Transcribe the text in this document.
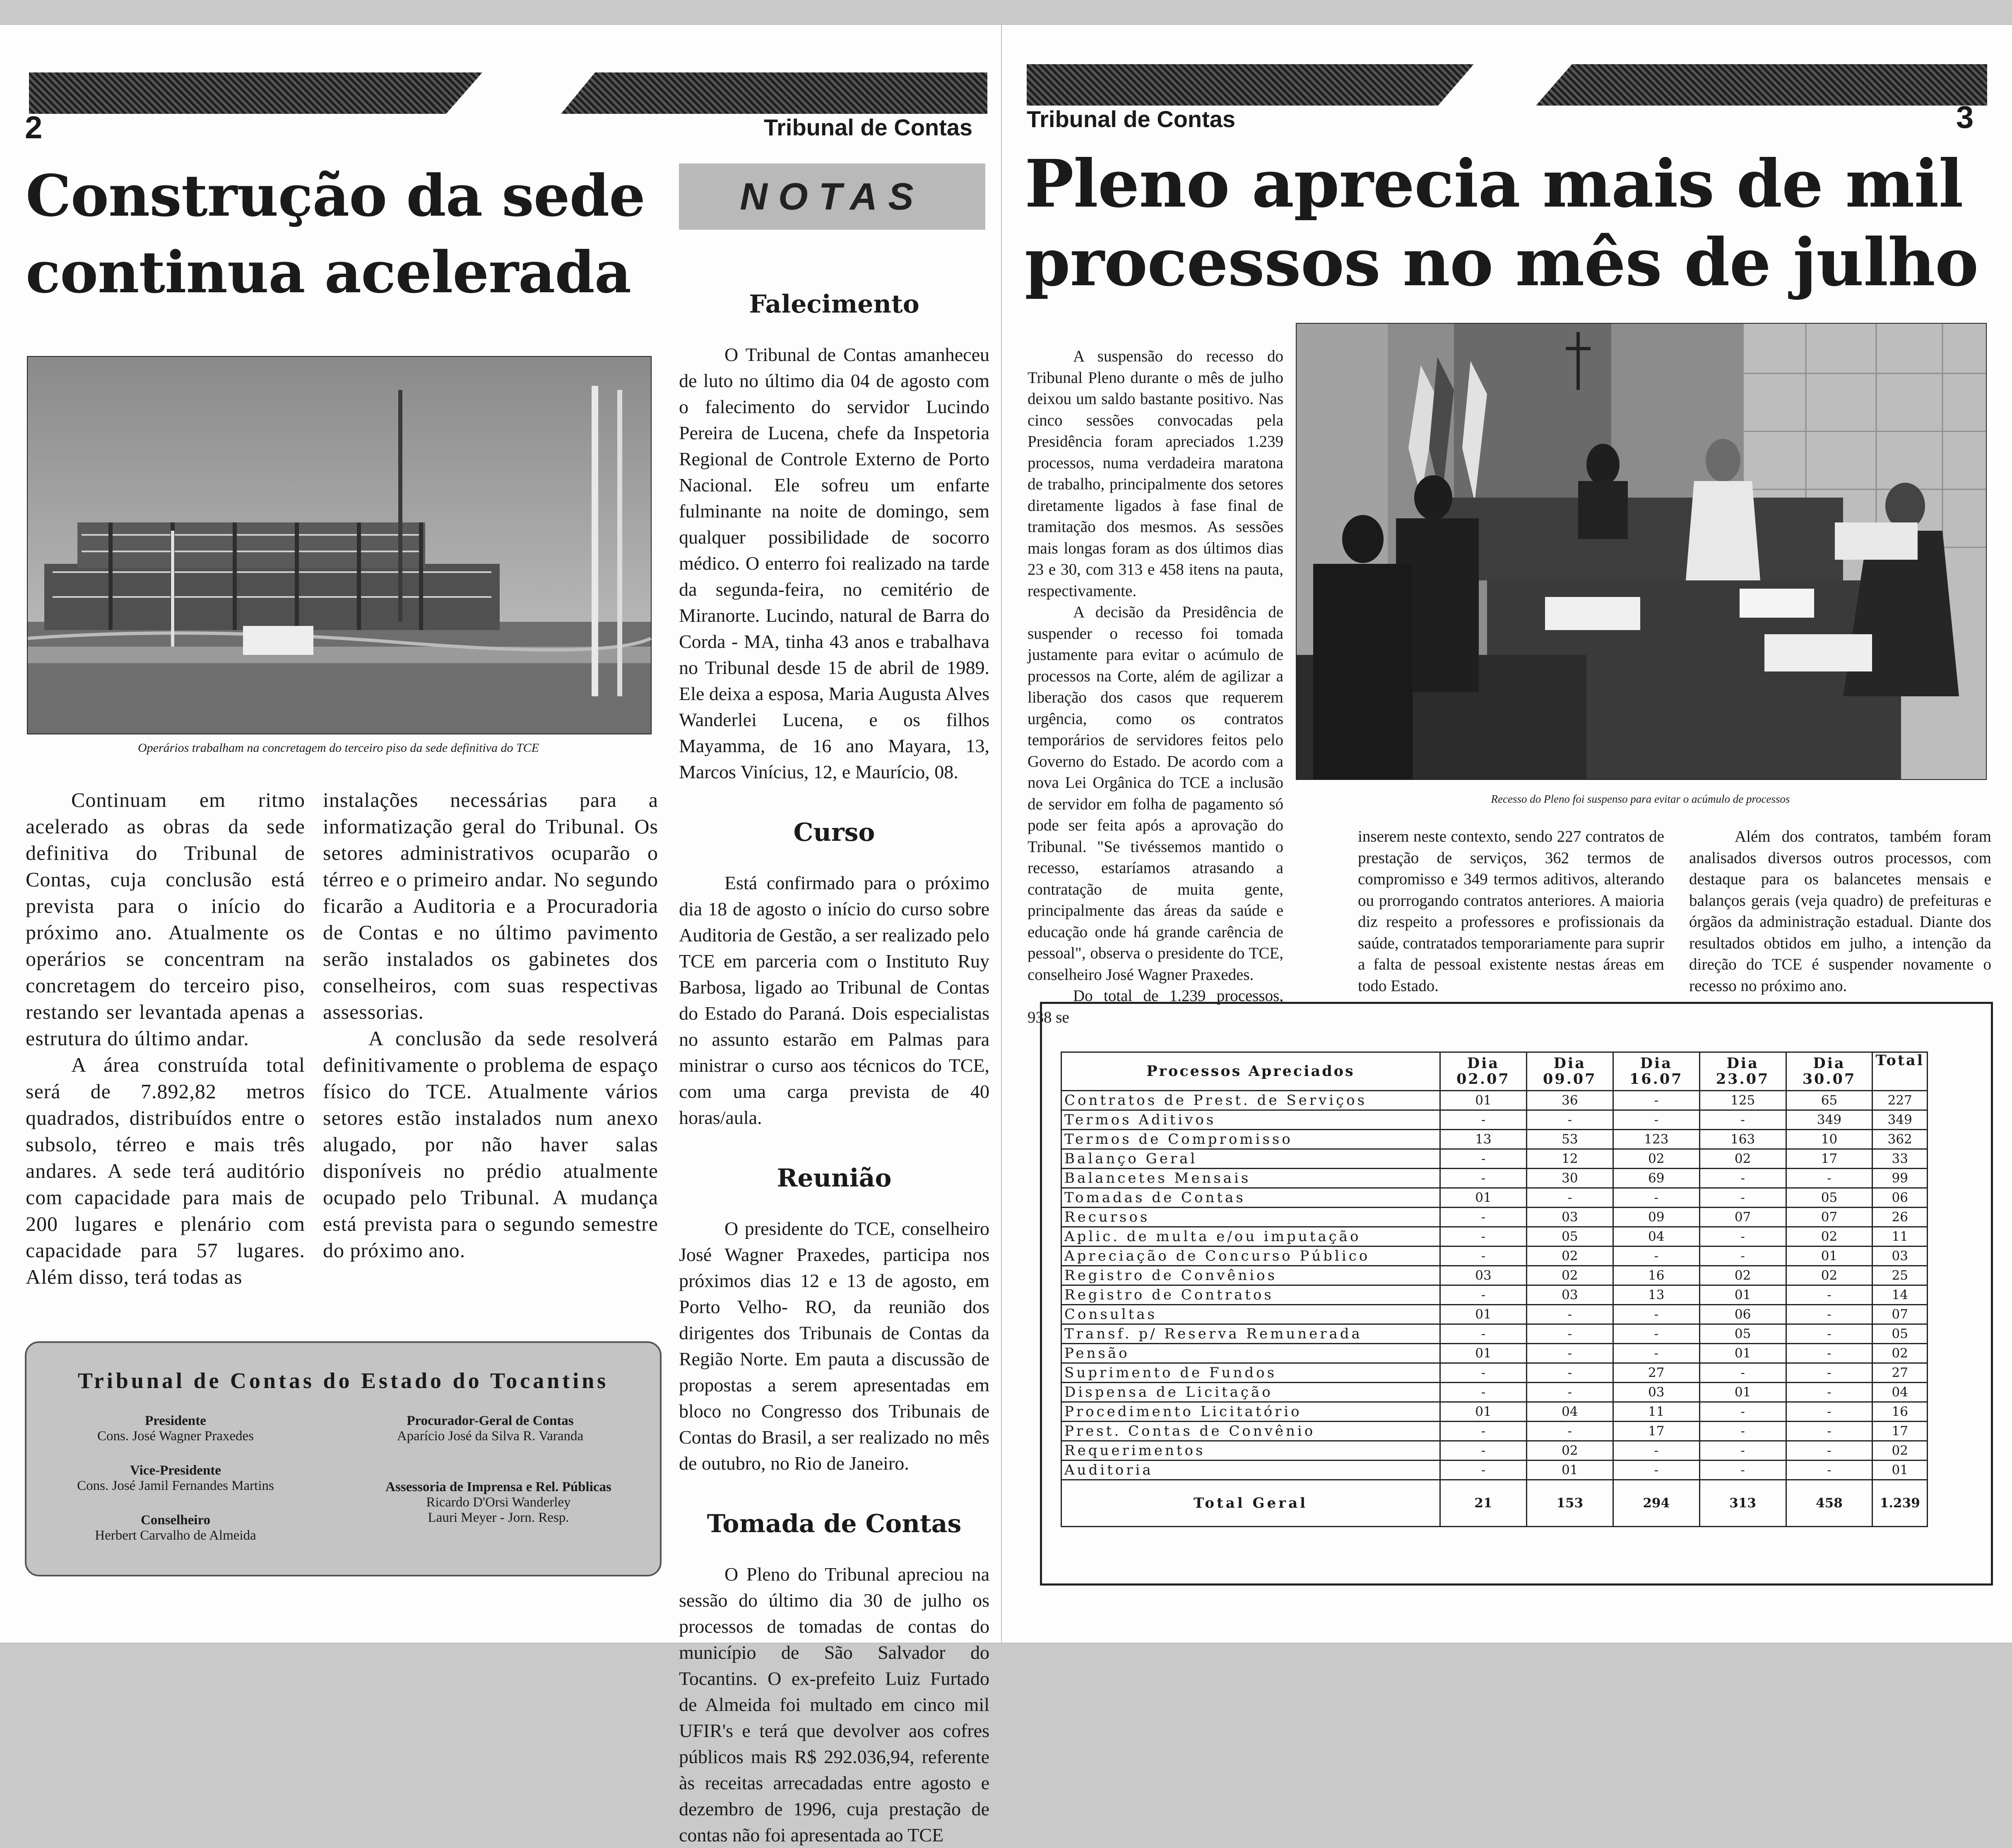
2	Tribunal de Contas
Construção da sede
continua acelerada
Operários trabalham na concretagem do terceiro piso da sede definitiva do TCE

Continuam em ritmo acelerado as obras da sede definitiva do Tribunal de Contas, cuja conclusão está prevista para o início do próximo ano. Atualmente os operários se concentram na concretagem do terceiro piso, restando ser levantada apenas a estrutura do último andar.

A área construída total será de 7.892,82 metros quadrados, distribuídos entre o subsolo, térreo e mais três andares. A sede terá auditório com capacidade para mais de 200 lugares e plenário com capacidade para 57 lugares. Além disso, terá todas as

instalações necessárias para a informatização geral do Tribunal. Os setores administrativos ocuparão o térreo e o primeiro andar. No segundo ficarão a Auditoria e a Procuradoria de Contas e no último pavimento serão instalados os gabinetes dos conselheiros, com suas respectivas assessorias.

A conclusão da sede resolverá definitivamente o problema de espaço físico do TCE. Atualmente vários setores estão instalados num anexo alugado, por não haver salas disponíveis no prédio atualmente ocupado pelo Tribunal. A mudança está prevista para o segundo semestre do próximo ano.

NOTAS
Falecimento

O Tribunal de Contas amanheceu de luto no último dia 04 de agosto com o falecimento do servidor Lucindo Pereira de Lucena, chefe da Inspetoria Regional de Controle Externo de Porto Nacional. Ele sofreu um enfarte fulminante na noite de domingo, sem qualquer possibilidade de socorro médico. O enterro foi realizado na tarde da segunda-feira, no cemitério de Miranorte. Lucindo, natural de Barra do Corda - MA, tinha 43 anos e trabalhava no Tribunal desde 15 de abril de 1989. Ele deixa a esposa, Maria Augusta Alves Wanderlei Lucena, e os filhos Mayamma, de 16 ano Mayara, 13, Marcos Vinícius, 12, e Maurício, 08.

Curso

Está confirmado para o próximo dia 18 de agosto o início do curso sobre Auditoria de Gestão, a ser realizado pelo TCE em parceria com o Instituto Ruy Barbosa, ligado ao Tribunal de Contas do Estado do Paraná. Dois especialistas no assunto estarão em Palmas para ministrar o curso aos técnicos do TCE, com uma carga prevista de 40 horas/aula.

Reunião

O presidente do TCE, conselheiro José Wagner Praxedes, participa nos próximos dias 12 e 13 de agosto, em Porto Velho- RO, da reunião dos dirigentes dos Tribunais de Contas da Região Norte. Em pauta a discussão de propostas a serem apresentadas em bloco no Congresso dos Tribunais de Contas do Brasil, a ser realizado no mês de outubro, no Rio de Janeiro.

Tomada de Contas

O Pleno do Tribunal apreciou na sessão do último dia 30 de julho os processos de tomadas de contas do município de São Salvador do Tocantins. O ex-prefeito Luiz Furtado de Almeida foi multado em cinco mil UFIR's e terá que devolver aos cofres públicos mais R$ 292.036,94, referente às receitas arrecadadas entre agosto e dezembro de 1996, cuja prestação de contas não foi apresentada ao TCE

Tribunal de Contas do Estado do Tocantins
Presidente
Cons. José Wagner Praxedes
Vice-Presidente
Cons. José Jamil Fernandes Martins
Conselheiro
Herbert Carvalho de Almeida
Procurador-Geral de Contas
Aparício José da Silva R. Varanda
Assessoria de Imprensa e Rel. Públicas
Ricardo D'Orsi Wanderley
Lauri Meyer - Jorn. Resp.
Tribunal de Contas	3
Pleno aprecia mais de mil
processos no mês de julho
Recesso do Pleno foi suspenso para evitar o acúmulo de processos

A suspensão do recesso do Tribunal Pleno durante o mês de julho deixou um saldo bastante positivo. Nas cinco sessões convocadas pela Presidência foram apreciados 1.239 processos, numa verdadeira maratona de trabalho, principalmente dos setores diretamente ligados à fase final de tramitação dos mesmos. As sessões mais longas foram as dos últimos dias 23 e 30, com 313 e 458 itens na pauta, respectivamente.

A decisão da Presidência de suspender o recesso foi tomada justamente para evitar o acúmulo de processos na Corte, além de agilizar a liberação dos casos que requerem urgência, como os contratos temporários de servidores feitos pelo Governo do Estado. De acordo com a nova Lei Orgânica do TCE a inclusão de servidor em folha de pagamento só pode ser feita após a aprovação do Tribunal. "Se tivéssemos mantido o recesso, estaríamos atrasando a contratação de muita gente, principalmente das áreas da saúde e educação onde há grande carência de pessoal", observa o presidente do TCE, conselheiro José Wagner Praxedes.

Do total de 1.239 processos, 938 se

inserem neste contexto, sendo 227 contratos de prestação de serviços, 362 termos de compromisso e 349 termos aditivos, alterando ou prorrogando contratos anteriores. A maioria diz respeito a professores e profissionais da saúde, contratados temporariamente para suprir a falta de pessoal existente nestas áreas em todo Estado.

Além dos contratos, também foram analisados diversos outros processos, com destaque para os balancetes mensais e balanços gerais (veja quadro) de prefeituras e órgãos da administração estadual. Diante dos resultados obtidos em julho, a intenção da direção do TCE é suspender novamente o recesso no próximo ano.

Processos Apreciados	Dia 02.07	Dia 09.07	Dia 16.07	Dia 23.07	Dia 30.07	Total
Contratos de Prest. de Serviços	01	36	-	125	65	227
Termos Aditivos	-	-	-	-	349	349
Termos de Compromisso	13	53	123	163	10	362
Balanço Geral	-	12	02	02	17	33
Balancetes Mensais	-	30	69	-	-	99
Tomadas de Contas	01	-	-	-	05	06
Recursos	-	03	09	07	07	26
Aplic. de multa e/ou imputação	-	05	04	-	02	11
Apreciação de Concurso Público	-	02	-	-	01	03
Registro de Convênios	03	02	16	02	02	25
Registro de Contratos	-	03	13	01	-	14
Consultas	01	-	-	06	-	07
Transf. p/ Reserva Remunerada	-	-	-	05	-	05
Pensão	01	-	-	01	-	02
Suprimento de Fundos	-	-	27	-	-	27
Dispensa de Licitação	-	-	03	01	-	04
Procedimento Licitatório	01	04	11	-	-	16
Prest. Contas de Convênio	-	-	17	-	-	17
Requerimentos	-	02	-	-	-	02
Auditoria	-	01	-	-	-	01
Total Geral	21	153	294	313	458	1.239
